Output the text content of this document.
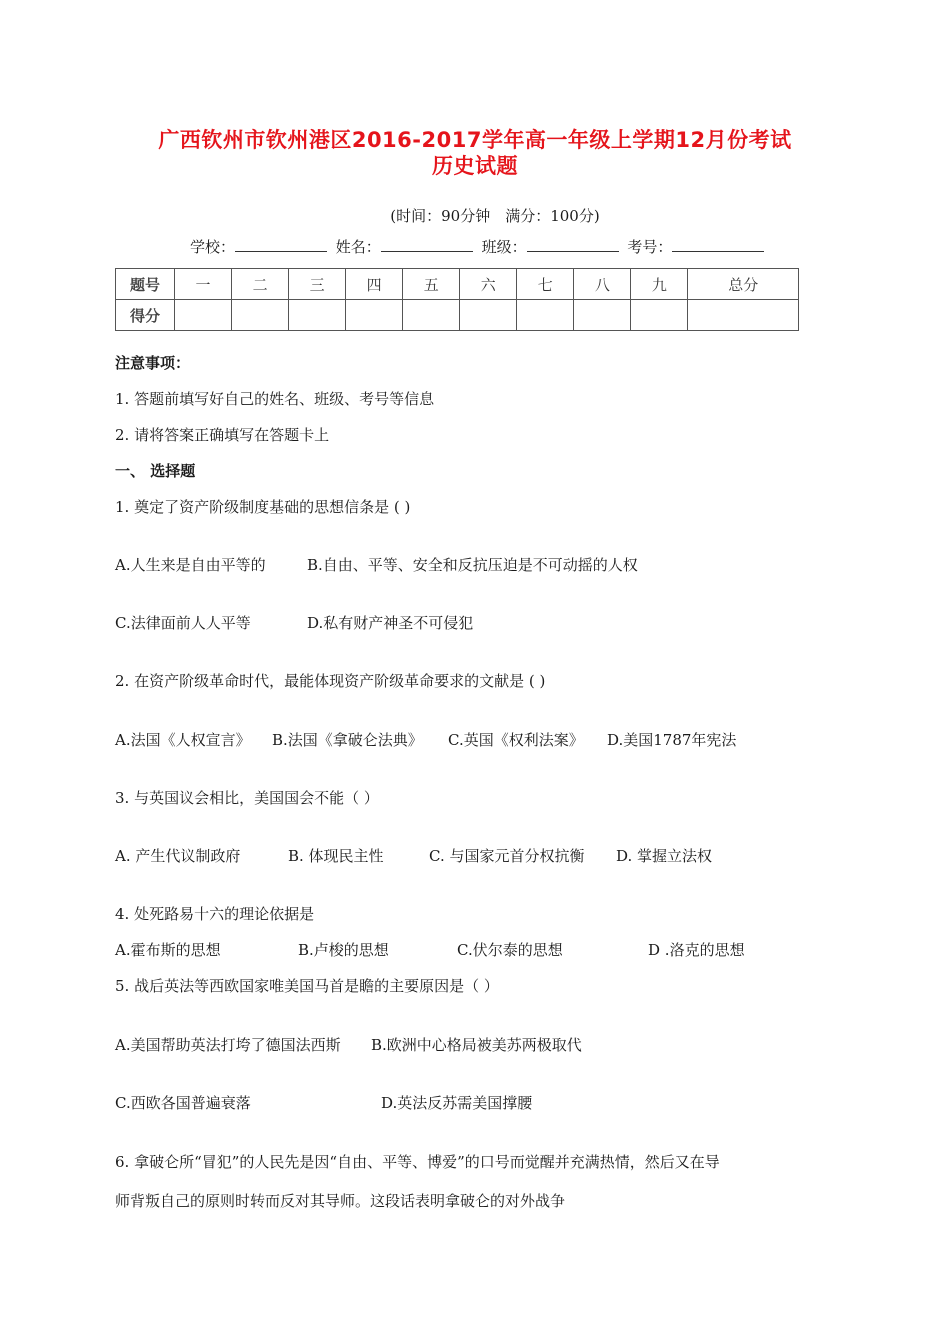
广西钦州市钦州港区2016-2017学年高一年级上学期12月份考试
历史试题
(时间：90分钟　满分：100分)
学校：	姓名：	班级：	考号：
题号	一	二	三	四	五	六	七	八	九	总分
得分										
注意事项：
1. 答题前填写好自己的姓名、班级、考号等信息
2. 请将答案正确填写在答题卡上
一、 选择题
1. 奠定了资产阶级制度基础的思想信条是 ( )
A.人生来是自由平等的	B.自由、平等、安全和反抗压迫是不可动摇的人权
C.法律面前人人平等	D.私有财产神圣不可侵犯
2. 在资产阶级革命时代，最能体现资产阶级革命要求的文献是 ( )
A.法国《人权宣言》 B.法国《拿破仑法典》 C.英国《权利法案》 D.美国1787年宪法
3. 与英国议会相比，美国国会不能（ ）
A. 产生代议制政府	B. 体现民主性	C. 与国家元首分权抗衡 D. 掌握立法权
4. 处死路易十六的理论依据是
A.霍布斯的思想	B.卢梭的思想	C.伏尔泰的思想	D .洛克的思想
5. 战后英法等西欧国家唯美国马首是瞻的主要原因是（ ）
A.美国帮助英法打垮了德国法西斯 B.欧洲中心格局被美苏两极取代
C.西欧各国普遍衰落	D.英法反苏需美国撑腰
6. 拿破仑所“冒犯”的人民先是因“自由、平等、博爱”的口号而觉醒并充满热情，然后又在导
师背叛自己的原则时转而反对其导师。这段话表明拿破仑的对外战争
